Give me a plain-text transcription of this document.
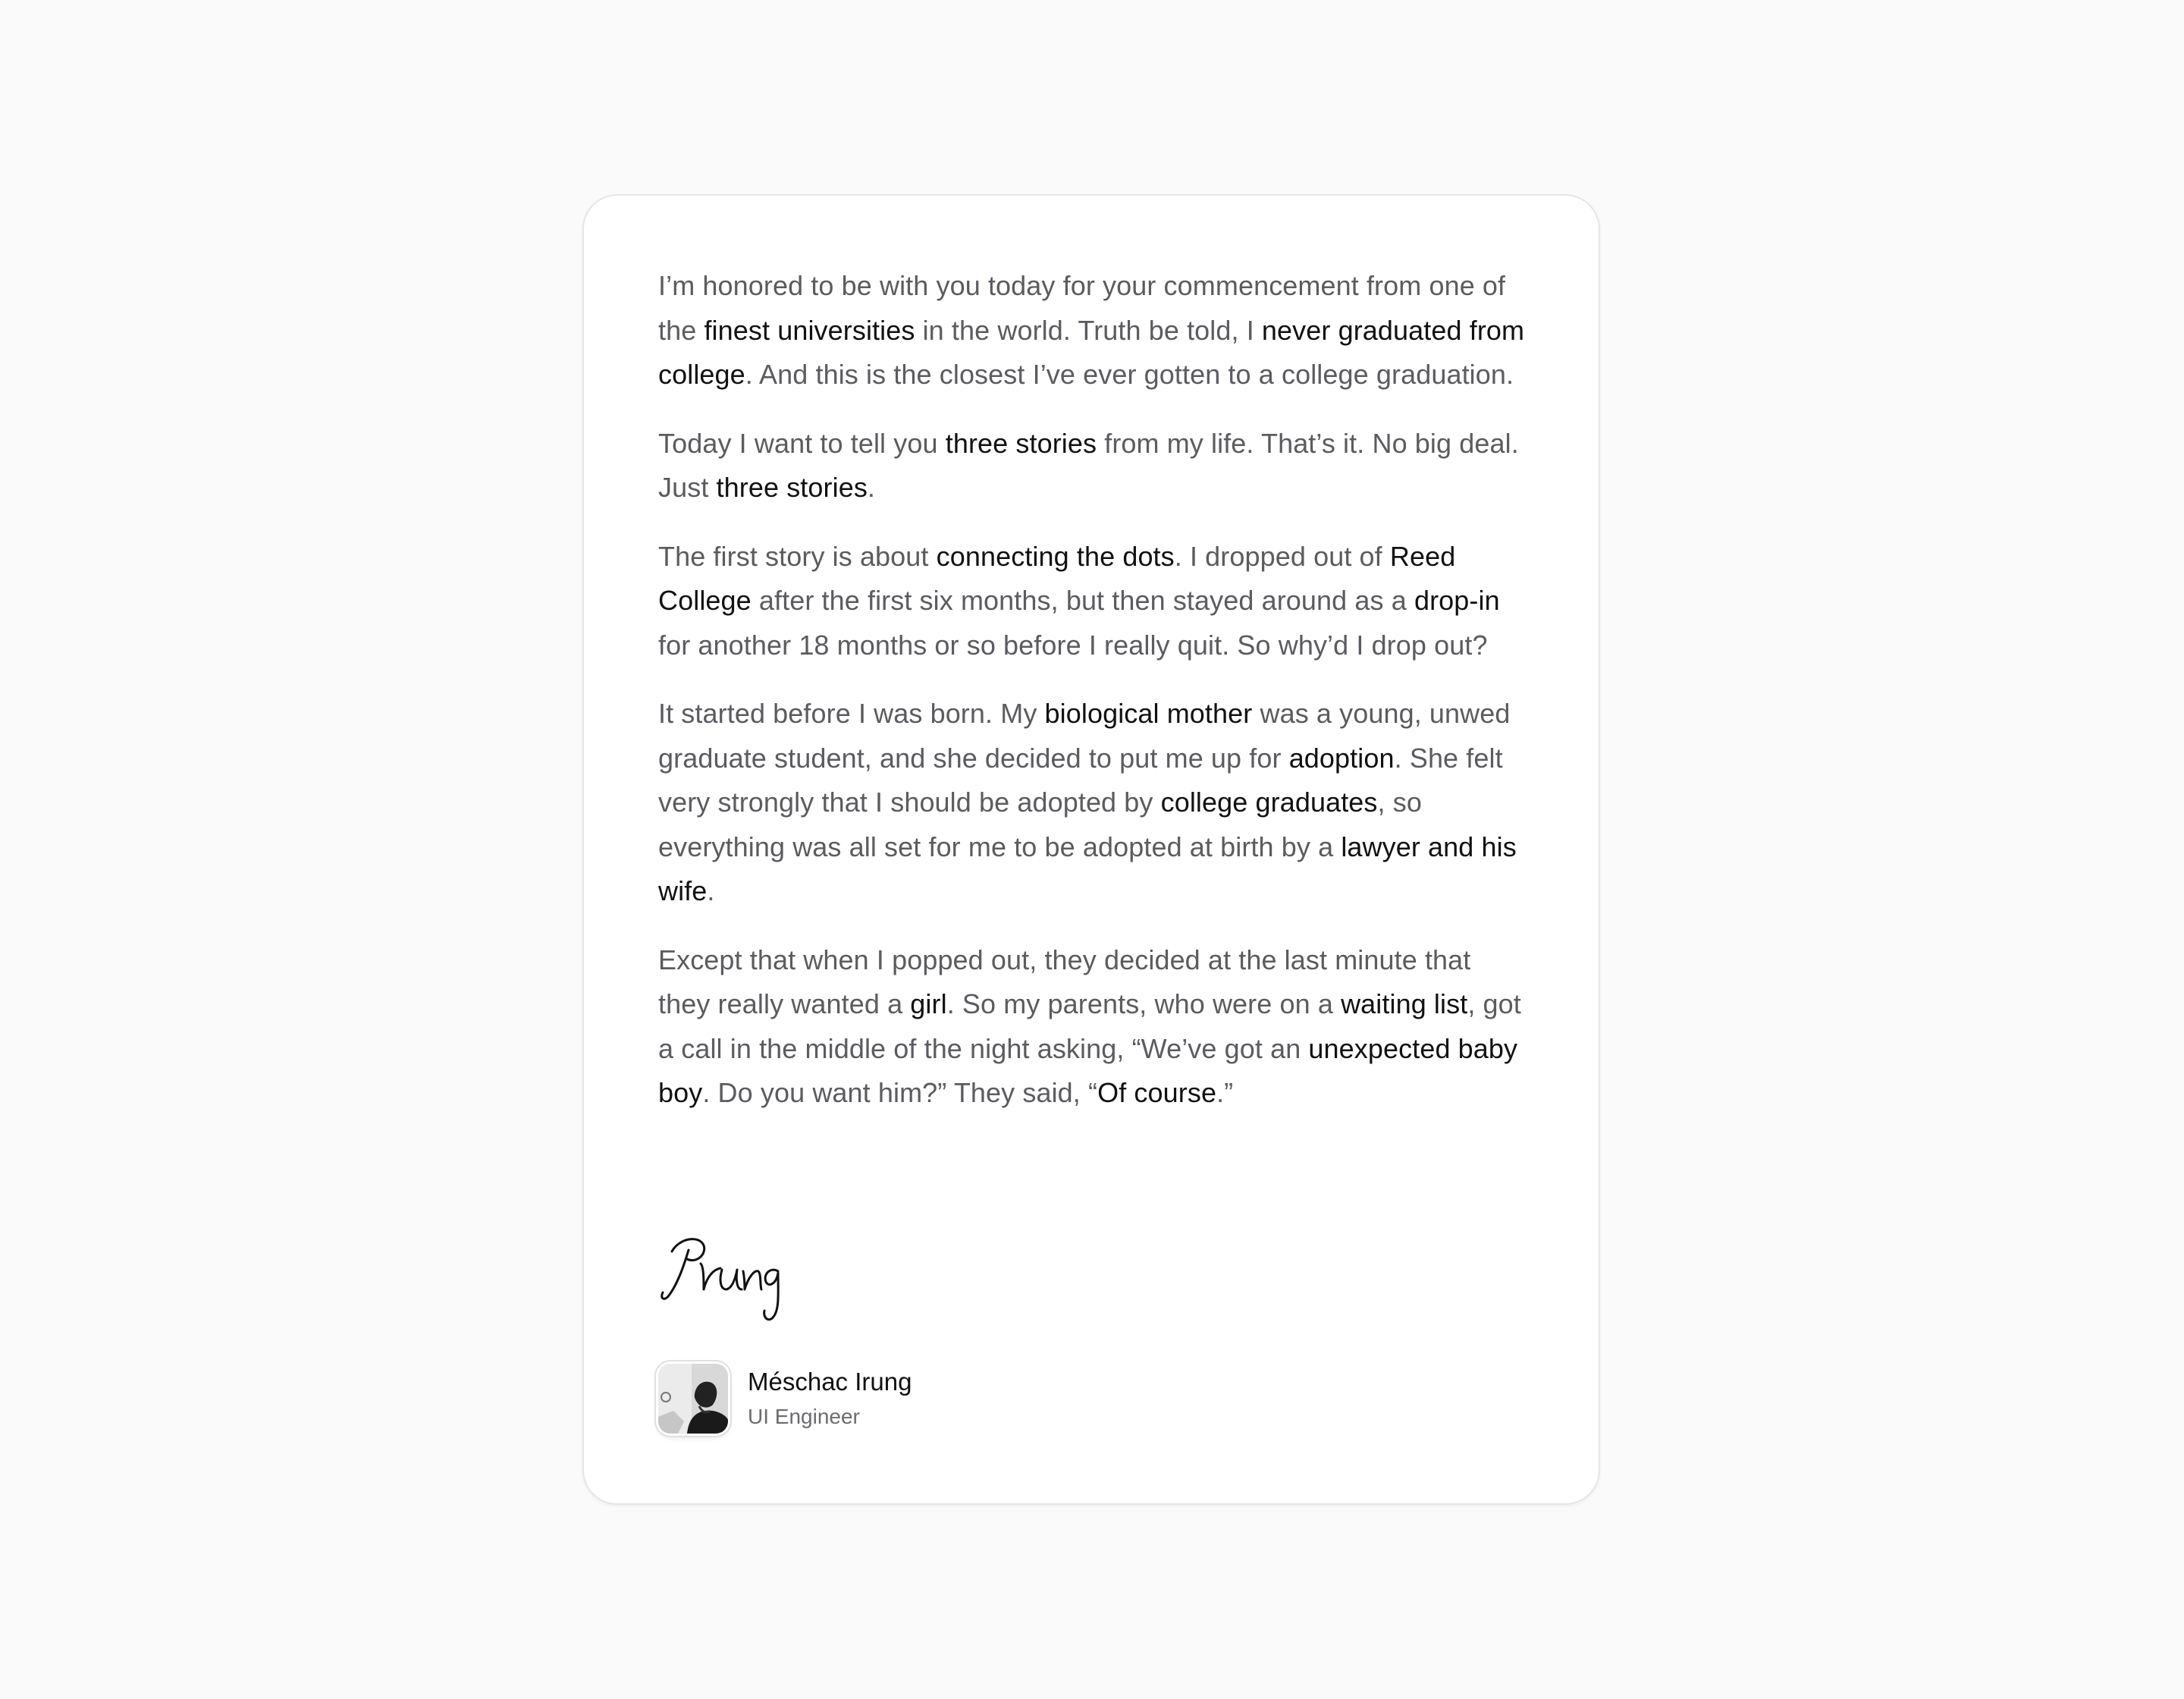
I’m honored to be with you today for your commencement from one of the finest universities in the world. Truth be told, I never graduated from college. And this is the closest I’ve ever gotten to a college graduation.

Today I want to tell you three stories from my life. That’s it. No big deal. Just three stories.

The first story is about connecting the dots. I dropped out of Reed College after the first six months, but then stayed around as a drop-in for another 18 months or so before I really quit. So why’d I drop out?

It started before I was born. My biological mother was a young, unwed graduate student, and she decided to put me up for adoption. She felt very strongly that I should be adopted by college graduates, so everything was all set for me to be adopted at birth by a lawyer and his wife.

Except that when I popped out, they decided at the last minute that they really wanted a girl. So my parents, who were on a waiting list, got a call in the middle of the night asking, “We’ve got an unexpected baby boy. Do you want him?” They said, “Of course.”

Méschac Irung
UI Engineer
